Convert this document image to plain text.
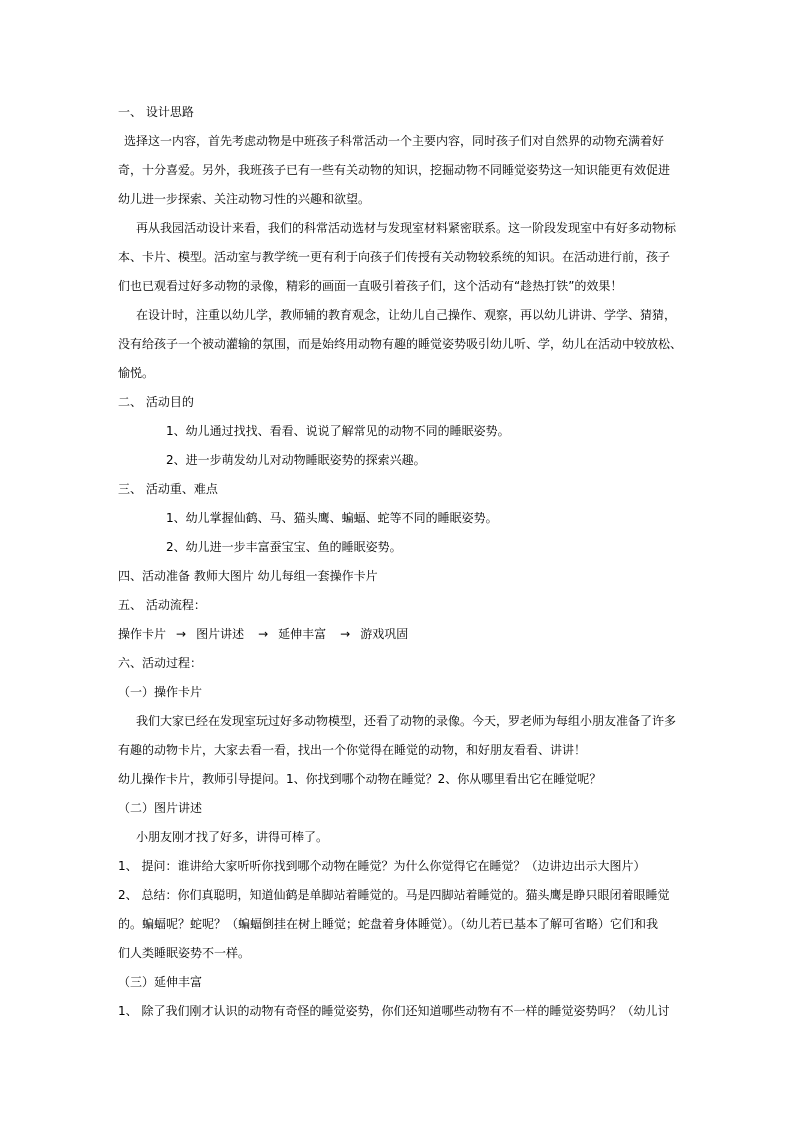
一、 设计思路
选择这一内容，首先考虑动物是中班孩子科常活动一个主要内容，同时孩子们对自然界的动物充满着好
奇，十分喜爱。另外，我班孩子已有一些有关动物的知识，挖掘动物不同睡觉姿势这一知识能更有效促进
幼儿进一步探索、关注动物习性的兴趣和欲望。
再从我园活动设计来看，我们的科常活动选材与发现室材料紧密联系。这一阶段发现室中有好多动物标
本、卡片、模型。活动室与教学统一更有利于向孩子们传授有关动物较系统的知识。在活动进行前，孩子
们也已观看过好多动物的录像，精彩的画面一直吸引着孩子们，这个活动有“趁热打铁”的效果！
在设计时，注重以幼儿学，教师辅的教育观念，让幼儿自己操作、观察，再以幼儿讲讲、学学、猜猜，
没有给孩子一个被动灌输的氛围，而是始终用动物有趣的睡觉姿势吸引幼儿听、学，幼儿在活动中较放松、
愉悦。
二、 活动目的
1、幼儿通过找找、看看、说说了解常见的动物不同的睡眠姿势。
2、进一步萌发幼儿对动物睡眠姿势的探索兴趣。
三、 活动重、难点
1、幼儿掌握仙鹤、马、猫头鹰、蝙蝠、蛇等不同的睡眠姿势。
2、幼儿进一步丰富蚕宝宝、鱼的睡眠姿势。
四、活动准备 教师大图片 幼儿每组一套操作卡片
五、 活动流程：
操作卡片 → 图片讲述 → 延伸丰富 → 游戏巩固
六、活动过程：
（一）操作卡片
我们大家已经在发现室玩过好多动物模型，还看了动物的录像。今天，罗老师为每组小朋友准备了许多
有趣的动物卡片，大家去看一看，找出一个你觉得在睡觉的动物，和好朋友看看、讲讲！
幼儿操作卡片，教师引导提问。1、你找到哪个动物在睡觉？2、你从哪里看出它在睡觉呢？
（二）图片讲述
小朋友刚才找了好多，讲得可棒了。
1、 提问：谁讲给大家听听你找到哪个动物在睡觉？为什么你觉得它在睡觉？（边讲边出示大图片）
2、 总结：你们真聪明，知道仙鹤是单脚站着睡觉的。马是四脚站着睡觉的。猫头鹰是睁只眼闭着眼睡觉
的。蝙蝠呢？蛇呢？（蝙蝠倒挂在树上睡觉；蛇盘着身体睡觉）。（幼儿若已基本了解可省略）它们和我
们人类睡眠姿势不一样。
（三）延伸丰富
1、 除了我们刚才认识的动物有奇怪的睡觉姿势，你们还知道哪些动物有不一样的睡觉姿势吗？（幼儿讨
